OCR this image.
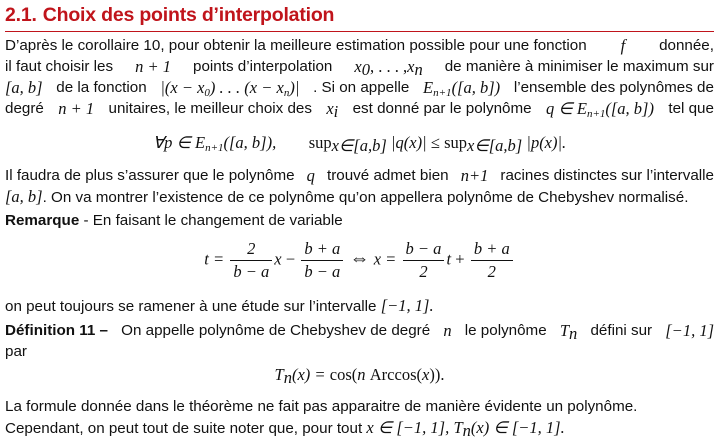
2.1. Choix des points d’interpolation
D’après le corollaire 10, pour obtenir la meilleure estimation possible pour une fonction f donnée,
il faut choisir les n + 1 points d’interpolation $x_0$, . . . $,x_n$ de manière à minimiser le maximum sur
[a, b] de la fonction $|(x - x_0)$ . . . $(x - x_n)|$ . Si on appelle $E_{n+1}([a$, b]) l’ensemble des polynômes de
degré n + 1 unitaires, le meilleur choix des $x_i$ est donné par le polynôme q ∈ $E_{n+1}([a$, b]) tel que
∀p ∈ $E_{n+1}([a$, b]), sup$_{x\in[a,b]}$ |q(x)| ≤ sup$_{x\in[a,b]}$ |p(x)|.
Il faudra de plus s’assurer que le polynôme q trouvé admet bien n+1 racines distinctes sur l’intervalle
[a, b]. On va montrer l’existence de ce polynôme qu’on appellera polynôme de Chebyshev normalisé.
Remarque - En faisant le changement de variable
$t = \frac{2}{b - a}$ $x - \frac{b + a}{b - a}$ ⇔ $x = \frac{b - a}{2}$ $t + \frac{b + a}{2}$
on peut toujours se ramener à une étude sur l’intervalle [−1, 1].
Définition 11 – On appelle polynôme de Chebyshev de degré n le polynôme $T_n$ défini sur [−1, 1]
par
$T_n(x) = \cos(n$ Arccos(x)).
La formule donnée dans le théorème ne fait pas apparaitre de manière évidente un polynôme.
Cependant, on peut tout de suite noter que, pour tout x ∈ [−1, 1], $T_n(x)$ ∈ [−1, 1].
